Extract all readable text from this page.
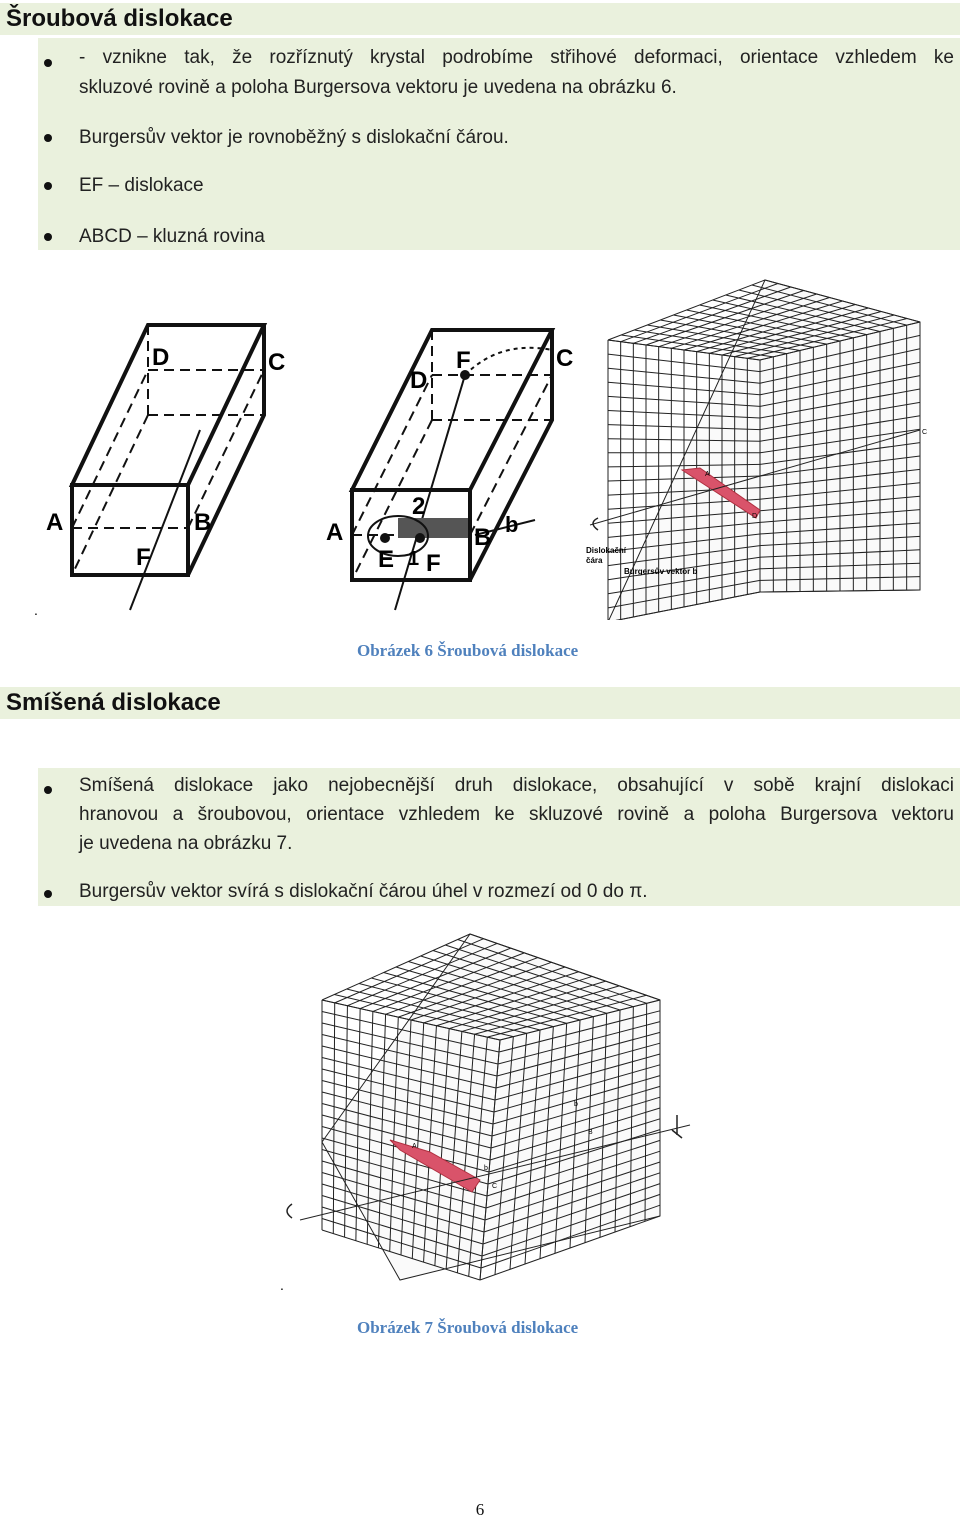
Šroubová dislokace
- vznikne tak, že rozříznutý krystal podrobíme střihové deformaci, orientace vzhledem ke
skluzové rovině a poloha Burgersova vektoru je uvedena na obrázku 6.
Burgersův vektor je rovnoběžný s dislokační čárou.
EF – dislokace
ABCD – kluzná rovina
D	C
A	B
F
D
F	C
A
2
E 1 F
B b
A
D
C
Dislokační
čára
Burgersův vektor b
.
Obrázek 6 Šroubová dislokace
Smíšená dislokace
Smíšená dislokace jako nejobecnější druh dislokace, obsahující v sobě krajní dislokaci
hranovou a šroubovou, orientace vzhledem ke skluzové rovině a poloha Burgersova vektoru
je uvedena na obrázku 7.
Burgersův vektor svírá s dislokační čárou úhel v rozmezí od 0 do π.
A
b
C
b
B
.
Obrázek 7 Šroubová dislokace
6
